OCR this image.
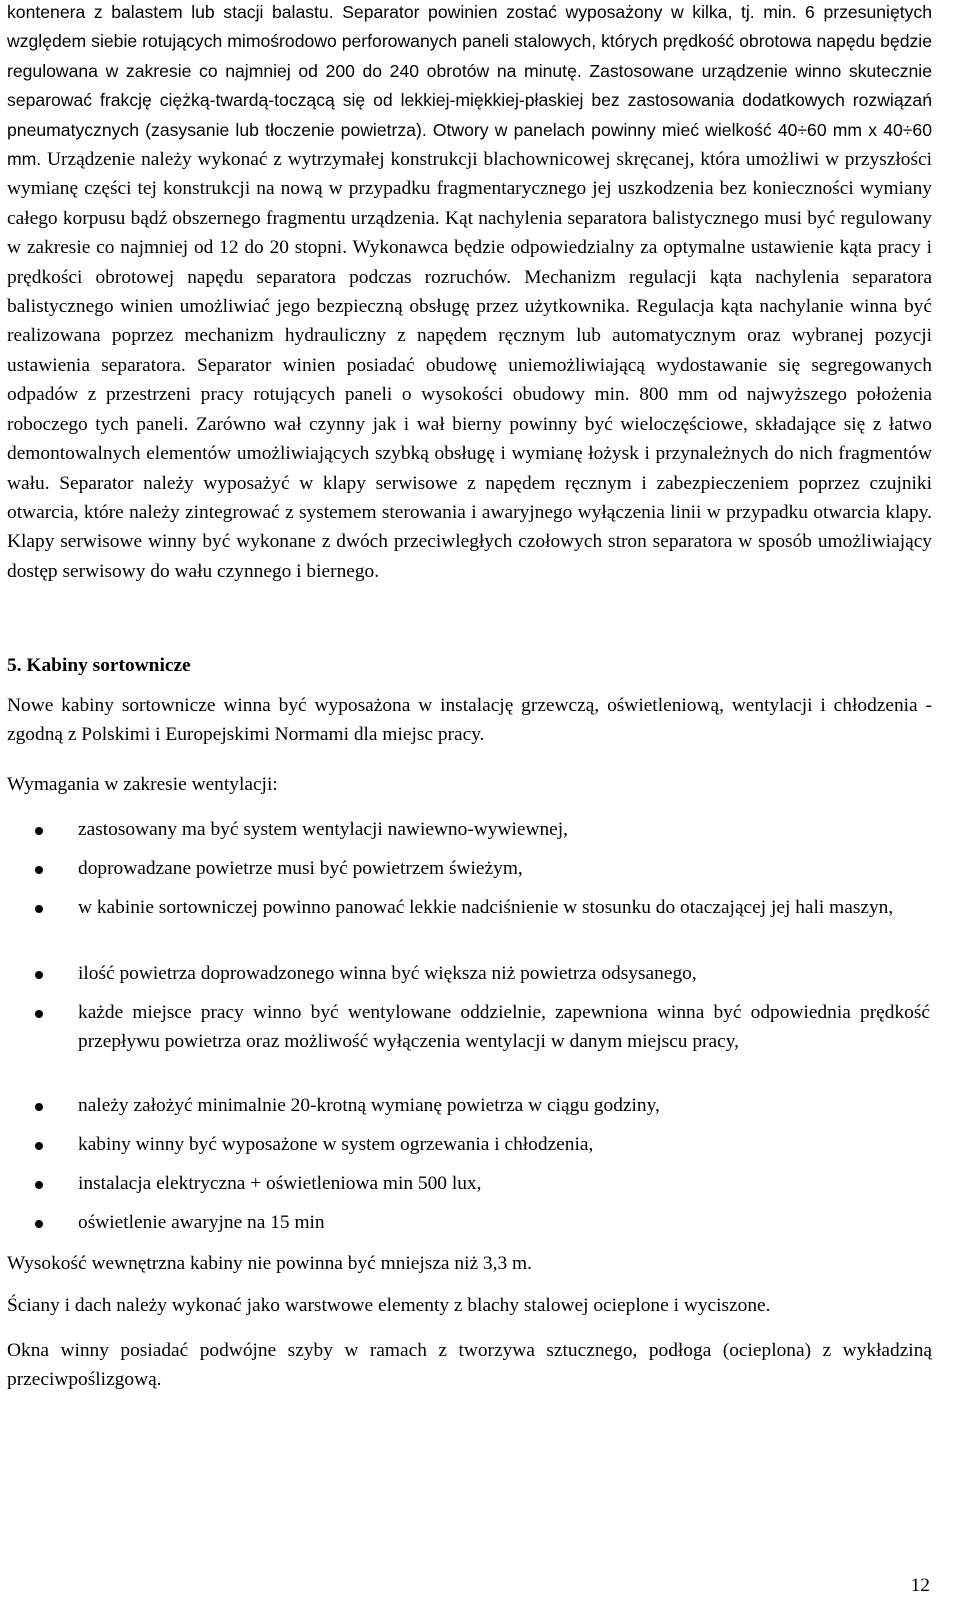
kontenera z balastem lub stacji balastu. Separator powinien zostać wyposażony w kilka, tj. min. 6 przesuniętych względem siebie rotujących mimośrodowo perforowanych paneli stalowych, których prędkość obrotowa napędu będzie regulowana w zakresie co najmniej od 200 do 240 obrotów na minutę. Zastosowane urządzenie winno skutecznie separować frakcję ciężką-twardą-toczącą się od lekkiej-miękkiej-płaskiej bez zastosowania dodatkowych rozwiązań pneumatycznych (zasysanie lub tłoczenie powietrza). Otwory w panelach powinny mieć wielkość 40÷60 mm x 40÷60 mm. Urządzenie należy wykonać z wytrzymałej konstrukcji blachownicowej skręcanej, która umożliwi w przyszłości wymianę części tej konstrukcji na nową w przypadku fragmentarycznego jej uszkodzenia bez konieczności wymiany całego korpusu bądź obszernego fragmentu urządzenia. Kąt nachylenia separatora balistycznego musi być regulowany w zakresie co najmniej od 12 do 20 stopni. Wykonawca będzie odpowiedzialny za optymalne ustawienie kąta pracy i prędkości obrotowej napędu separatora podczas rozruchów. Mechanizm regulacji kąta nachylenia separatora balistycznego winien umożliwiać jego bezpieczną obsługę przez użytkownika. Regulacja kąta nachylanie winna być realizowana poprzez mechanizm hydrauliczny z napędem ręcznym lub automatycznym oraz wybranej pozycji ustawienia separatora. Separator winien posiadać obudowę uniemożliwiającą wydostawanie się segregowanych odpadów z przestrzeni pracy rotujących paneli o wysokości obudowy min. 800 mm od najwyższego położenia roboczego tych paneli. Zarówno wał czynny jak i wał bierny powinny być wieloczęściowe, składające się z łatwo demontowalnych elementów umożliwiających szybką obsługę i wymianę łożysk i przynależnych do nich fragmentów wału. Separator należy wyposażyć w klapy serwisowe z napędem ręcznym i zabezpieczeniem poprzez czujniki otwarcia, które należy zintegrować z systemem sterowania i awaryjnego wyłączenia linii w przypadku otwarcia klapy. Klapy serwisowe winny być wykonane z dwóch przeciwległych czołowych stron separatora w sposób umożliwiający dostęp serwisowy do wału czynnego i biernego.
5. Kabiny sortownicze
Nowe kabiny sortownicze winna być wyposażona w instalację grzewczą, oświetleniową, wentylacji i chłodzenia - zgodną z Polskimi i Europejskimi Normami dla miejsc pracy.
Wymagania w zakresie wentylacji:
zastosowany ma być system wentylacji nawiewno-wywiewnej,
doprowadzane powietrze musi być powietrzem świeżym,
w kabinie sortowniczej powinno panować lekkie nadciśnienie w stosunku do otaczającej jej hali maszyn,
ilość powietrza doprowadzonego winna być większa niż powietrza odsysanego,
każde miejsce pracy winno być wentylowane oddzielnie, zapewniona winna być odpowiednia prędkość przepływu powietrza oraz możliwość wyłączenia wentylacji w danym miejscu pracy,
należy założyć minimalnie 20-krotną wymianę powietrza w ciągu godziny,
kabiny winny być wyposażone w system ogrzewania i chłodzenia,
instalacja elektryczna + oświetleniowa min 500 lux,
oświetlenie awaryjne na 15 min
Wysokość wewnętrzna kabiny nie powinna być mniejsza niż 3,3 m.
Ściany i dach należy wykonać jako warstwowe elementy z blachy stalowej ocieplone i wyciszone.
Okna winny posiadać podwójne szyby w ramach z tworzywa sztucznego, podłoga (ocieplona) z wykładziną przeciwpoślizgową.
12
